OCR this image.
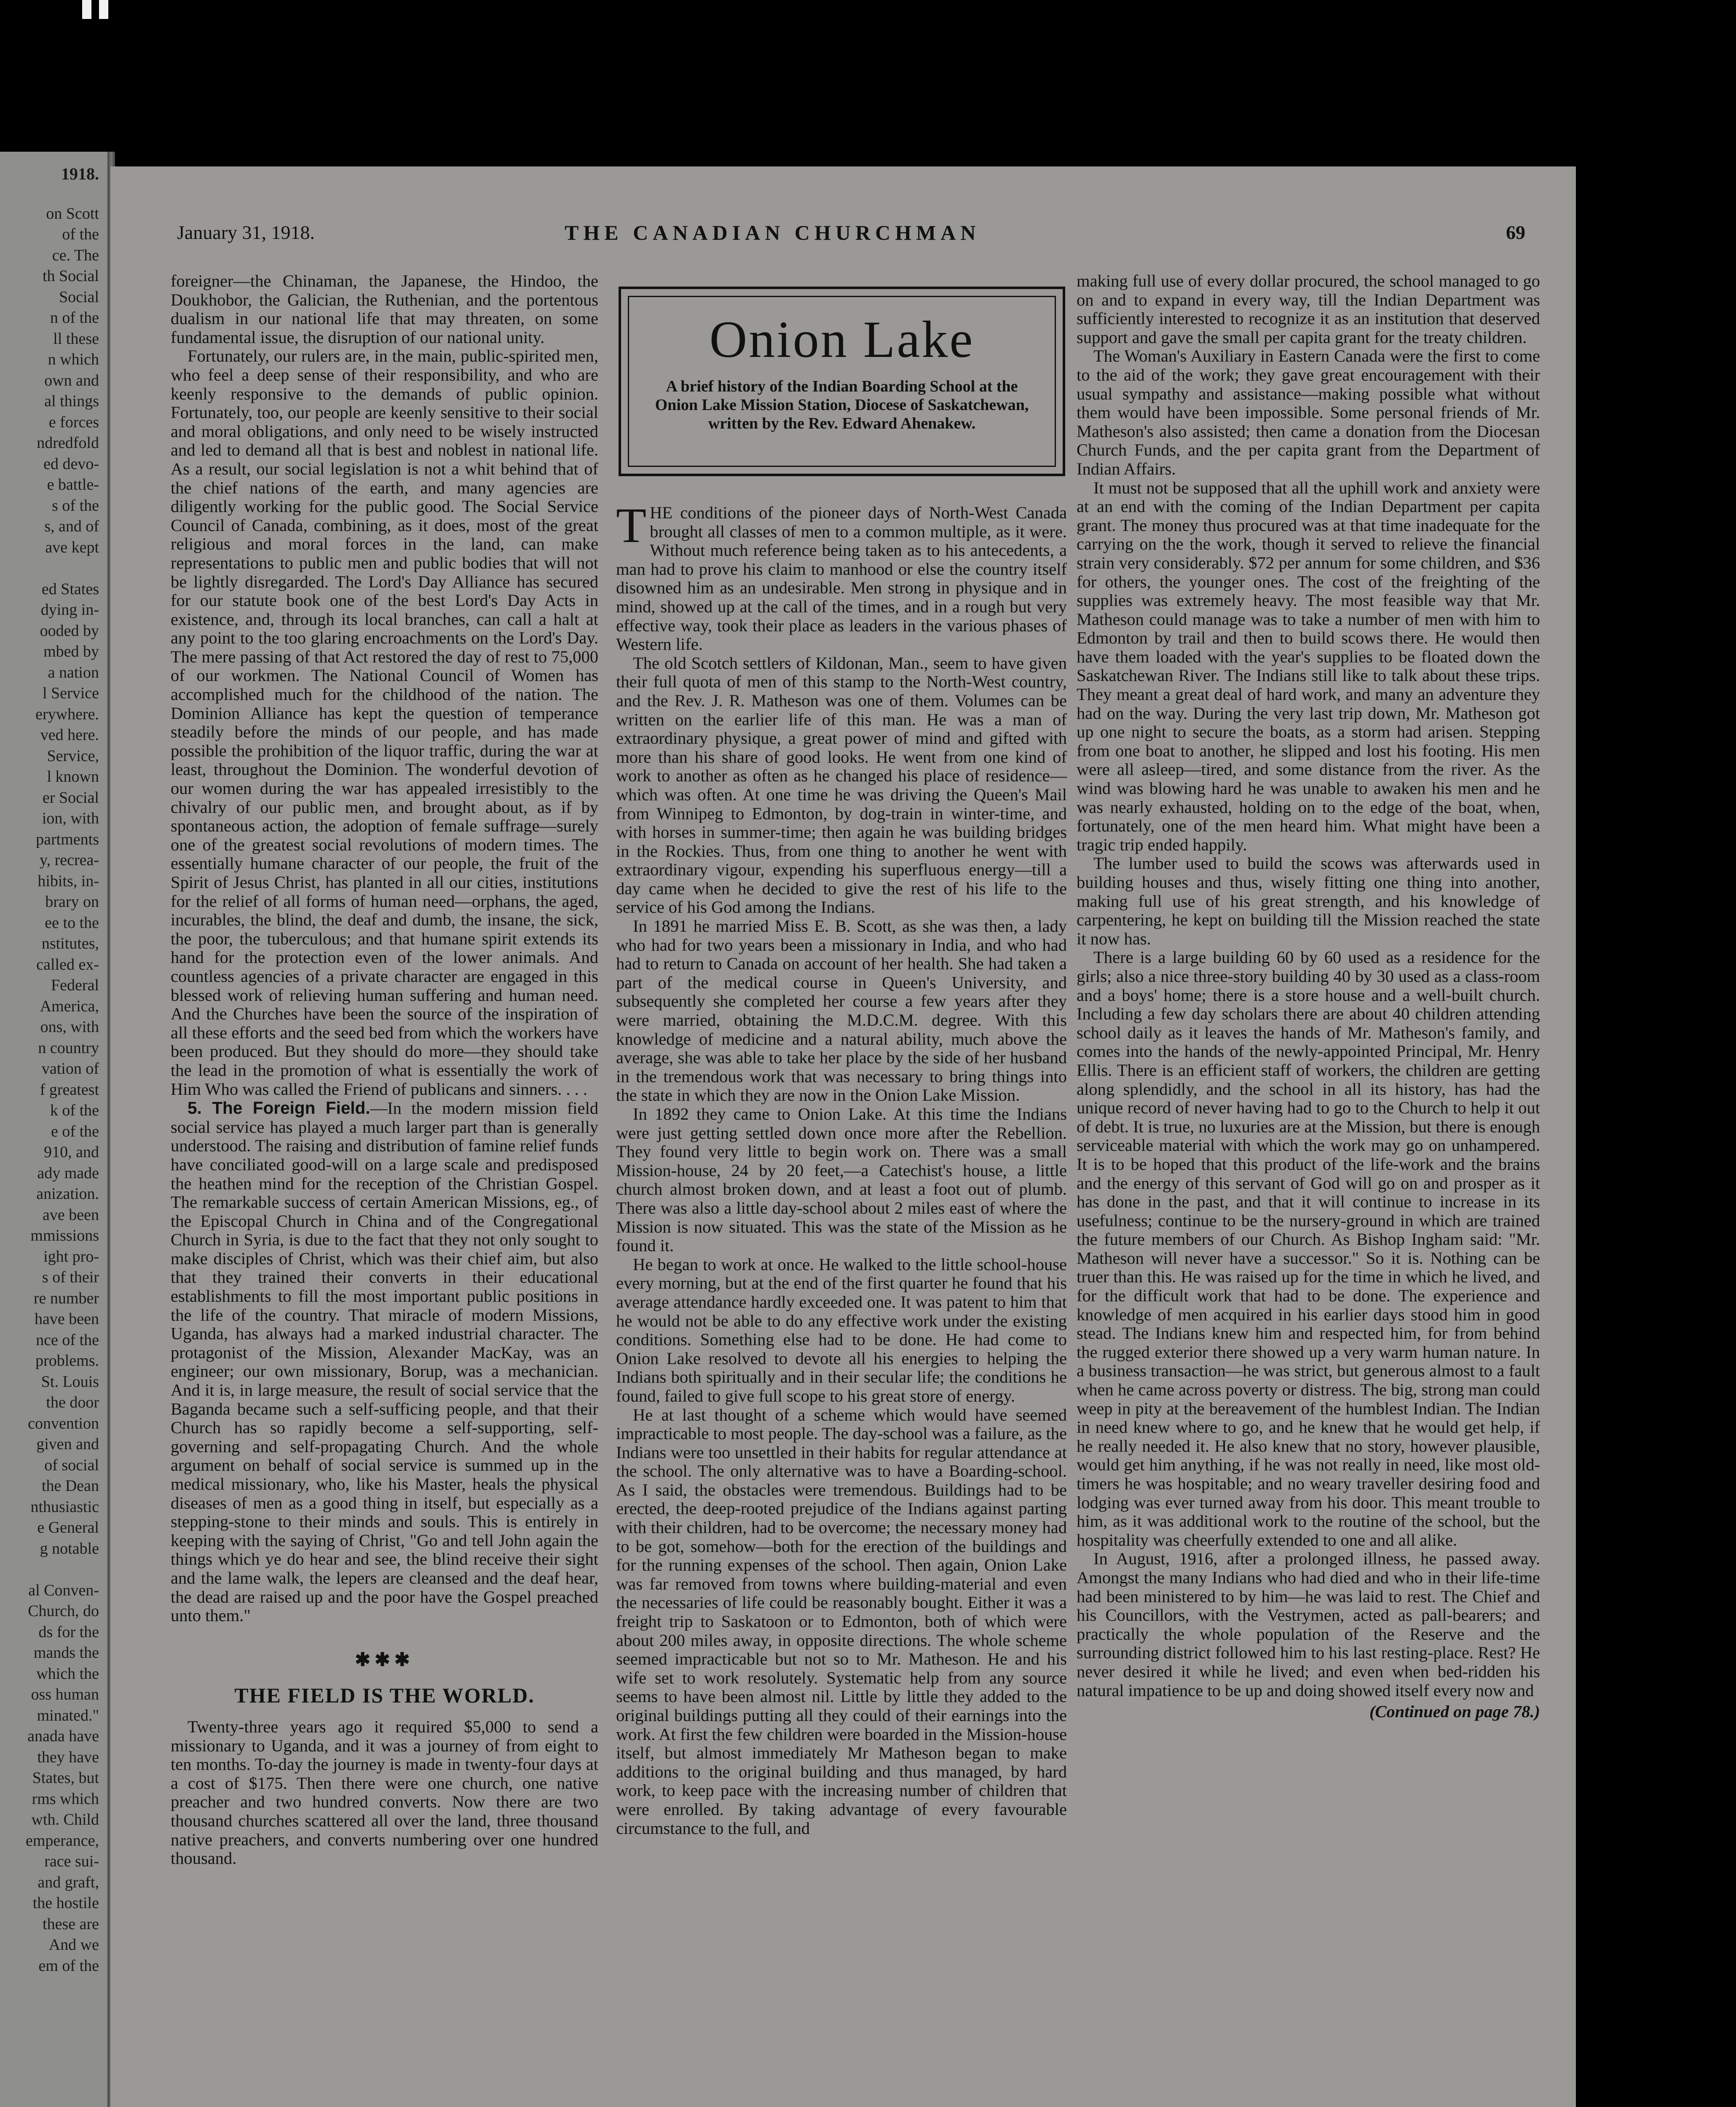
1918.
on Scott
of the
ce. The
th Social
Social
n of the
ll these
n which
own and
al things
e forces
ndredfold
ed devo-
e battle-
s of the
s, and of
ave kept

ed States
dying in-
ooded by
mbed by
a nation
l Service
erywhere.
ved here.
Service,
l known
er Social
ion, with
partments
y, recrea-
hibits, in-
brary on
ee to the
nstitutes,
called ex-
Federal
America,
ons, with
n country
vation of
f greatest
k of the
e of the
910, and
ady made
anization.
ave been
mmissions
ight pro-
s of their
re number
have been
nce of the
problems.
St. Louis
the door
convention
given and
of social
the Dean
nthusiastic
e General
g notable

al Conven-
Church, do
ds for the
mands the
which the
oss human
minated."
anada have
they have
States, but
rms which
wth. Child
emperance,
race sui-
and graft,
the hostile
these are
And we
em of the
January 31, 1918.	THE CANADIAN CHURCHMAN	69

foreigner—the Chinaman, the Japanese, the Hindoo, the Doukhobor, the Galician, the Ruthenian, and the portentous dualism in our national life that may threaten, on some fundamental issue, the disruption of our national unity.

Fortunately, our rulers are, in the main, public-spirited men, who feel a deep sense of their responsibility, and who are keenly responsive to the demands of public opinion. Fortunately, too, our people are keenly sensitive to their social and moral obligations, and only need to be wisely instructed and led to demand all that is best and noblest in national life. As a result, our social legislation is not a whit behind that of the chief nations of the earth, and many agencies are diligently working for the public good. The Social Service Council of Canada, combining, as it does, most of the great religious and moral forces in the land, can make representations to public men and public bodies that will not be lightly disregarded. The Lord's Day Alliance has secured for our statute book one of the best Lord's Day Acts in existence, and, through its local branches, can call a halt at any point to the too glaring encroachments on the Lord's Day. The mere passing of that Act restored the day of rest to 75,000 of our workmen. The National Council of Women has accomplished much for the childhood of the nation. The Dominion Alliance has kept the question of temperance steadily before the minds of our people, and has made possible the prohibition of the liquor traffic, during the war at least, throughout the Dominion. The wonderful devotion of our women during the war has appealed irresistibly to the chivalry of our public men, and brought about, as if by spontaneous action, the adoption of female suffrage—surely one of the greatest social revolutions of modern times. The essentially humane character of our people, the fruit of the Spirit of Jesus Christ, has planted in all our cities, institutions for the relief of all forms of human need—orphans, the aged, incurables, the blind, the deaf and dumb, the insane, the sick, the poor, the tuberculous; and that humane spirit extends its hand for the protection even of the lower animals. And countless agencies of a private character are engaged in this blessed work of relieving human suffering and human need. And the Churches have been the source of the inspiration of all these efforts and the seed bed from which the workers have been produced. But they should do more—they should take the lead in the promotion of what is essentially the work of Him Who was called the Friend of publicans and sinners. . . .

5. The Foreign Field.—In the modern mission field social service has played a much larger part than is generally understood. The raising and distribution of famine relief funds have conciliated good-will on a large scale and predisposed the heathen mind for the reception of the Christian Gospel. The remarkable success of certain American Missions, eg., of the Episcopal Church in China and of the Congregational Church in Syria, is due to the fact that they not only sought to make disciples of Christ, which was their chief aim, but also that they trained their converts in their educational establishments to fill the most important public positions in the life of the country. That miracle of modern Missions, Uganda, has always had a marked industrial character. The protagonist of the Mission, Alexander MacKay, was an engineer; our own missionary, Borup, was a mechanician. And it is, in large measure, the result of social service that the Baganda became such a self-sufficing people, and that their Church has so rapidly become a self-supporting, self-governing and self-propagating Church. And the whole argument on behalf of social service is summed up in the medical missionary, who, like his Master, heals the physical diseases of men as a good thing in itself, but especially as a stepping-stone to their minds and souls. This is entirely in keeping with the saying of Christ, "Go and tell John again the things which ye do hear and see, the blind receive their sight and the lame walk, the lepers are cleansed and the deaf hear, the dead are raised up and the poor have the Gospel preached unto them."

✱✱✱
THE FIELD IS THE WORLD.

Twenty-three years ago it required $5,000 to send a missionary to Uganda, and it was a journey of from eight to ten months. To-day the journey is made in twenty-four days at a cost of $175. Then there were one church, one native preacher and two hundred converts. Now there are two thousand churches scattered all over the land, three thousand native preachers, and converts numbering over one hundred thousand.

Onion Lake
A brief history of the Indian Boarding School at the Onion Lake Mission Station, Diocese of Saskatchewan, written by the Rev. Edward Ahenakew.

THE conditions of the pioneer days of North-West Canada brought all classes of men to a common multiple, as it were. Without much reference being taken as to his antecedents, a man had to prove his claim to manhood or else the country itself disowned him as an undesirable. Men strong in physique and in mind, showed up at the call of the times, and in a rough but very effective way, took their place as leaders in the various phases of Western life.

The old Scotch settlers of Kildonan, Man., seem to have given their full quota of men of this stamp to the North-West country, and the Rev. J. R. Matheson was one of them. Volumes can be written on the earlier life of this man. He was a man of extraordinary physique, a great power of mind and gifted with more than his share of good looks. He went from one kind of work to another as often as he changed his place of residence—which was often. At one time he was driving the Queen's Mail from Winnipeg to Edmonton, by dog-train in winter-time, and with horses in summer-time; then again he was building bridges in the Rockies. Thus, from one thing to another he went with extraordinary vigour, expending his superfluous energy—till a day came when he decided to give the rest of his life to the service of his God among the Indians.

In 1891 he married Miss E. B. Scott, as she was then, a lady who had for two years been a missionary in India, and who had had to return to Canada on account of her health. She had taken a part of the medical course in Queen's University, and subsequently she completed her course a few years after they were married, obtaining the M.D.C.M. degree. With this knowledge of medicine and a natural ability, much above the average, she was able to take her place by the side of her husband in the tremendous work that was necessary to bring things into the state in which they are now in the Onion Lake Mission.

In 1892 they came to Onion Lake. At this time the Indians were just getting settled down once more after the Rebellion. They found very little to begin work on. There was a small Mission-house, 24 by 20 feet,—a Catechist's house, a little church almost broken down, and at least a foot out of plumb. There was also a little day-school about 2 miles east of where the Mission is now situated. This was the state of the Mission as he found it.

He began to work at once. He walked to the little school-house every morning, but at the end of the first quarter he found that his average attendance hardly exceeded one. It was patent to him that he would not be able to do any effective work under the existing conditions. Something else had to be done. He had come to Onion Lake resolved to devote all his energies to helping the Indians both spiritually and in their secular life; the conditions he found, failed to give full scope to his great store of energy.

He at last thought of a scheme which would have seemed impracticable to most people. The day-school was a failure, as the Indians were too unsettled in their habits for regular attendance at the school. The only alternative was to have a Boarding-school. As I said, the obstacles were tremendous. Buildings had to be erected, the deep-rooted prejudice of the Indians against parting with their children, had to be overcome; the necessary money had to be got, somehow—both for the erection of the buildings and for the running expenses of the school. Then again, Onion Lake was far removed from towns where building-material and even the necessaries of life could be reasonably bought. Either it was a freight trip to Saskatoon or to Edmonton, both of which were about 200 miles away, in opposite directions. The whole scheme seemed impracticable but not so to Mr. Matheson. He and his wife set to work resolutely. Systematic help from any source seems to have been almost nil. Little by little they added to the original buildings putting all they could of their earnings into the work. At first the few children were boarded in the Mission-house itself, but almost immediately Mr Matheson began to make additions to the original building and thus managed, by hard work, to keep pace with the increasing number of children that were enrolled. By taking advantage of every favourable circumstance to the full, and

making full use of every dollar procured, the school managed to go on and to expand in every way, till the Indian Department was sufficiently interested to recognize it as an institution that deserved support and gave the small per capita grant for the treaty children.

The Woman's Auxiliary in Eastern Canada were the first to come to the aid of the work; they gave great encouragement with their usual sympathy and assistance—making possible what without them would have been impossible. Some personal friends of Mr. Matheson's also assisted; then came a donation from the Diocesan Church Funds, and the per capita grant from the Department of Indian Affairs.

It must not be supposed that all the uphill work and anxiety were at an end with the coming of the Indian Department per capita grant. The money thus procured was at that time inadequate for the carrying on the the work, though it served to relieve the financial strain very considerably. $72 per annum for some children, and $36 for others, the younger ones. The cost of the freighting of the supplies was extremely heavy. The most feasible way that Mr. Matheson could manage was to take a number of men with him to Edmonton by trail and then to build scows there. He would then have them loaded with the year's supplies to be floated down the Saskatchewan River. The Indians still like to talk about these trips. They meant a great deal of hard work, and many an adventure they had on the way. During the very last trip down, Mr. Matheson got up one night to secure the boats, as a storm had arisen. Stepping from one boat to another, he slipped and lost his footing. His men were all asleep—tired, and some distance from the river. As the wind was blowing hard he was unable to awaken his men and he was nearly exhausted, holding on to the edge of the boat, when, fortunately, one of the men heard him. What might have been a tragic trip ended happily.

The lumber used to build the scows was afterwards used in building houses and thus, wisely fitting one thing into another, making full use of his great strength, and his knowledge of carpentering, he kept on building till the Mission reached the state it now has.

There is a large building 60 by 60 used as a residence for the girls; also a nice three-story building 40 by 30 used as a class-room and a boys' home; there is a store house and a well-built church. Including a few day scholars there are about 40 children attending school daily as it leaves the hands of Mr. Matheson's family, and comes into the hands of the newly-appointed Principal, Mr. Henry Ellis. There is an efficient staff of workers, the children are getting along splendidly, and the school in all its history, has had the unique record of never having had to go to the Church to help it out of debt. It is true, no luxuries are at the Mission, but there is enough serviceable material with which the work may go on unhampered. It is to be hoped that this product of the life-work and the brains and the energy of this servant of God will go on and prosper as it has done in the past, and that it will continue to increase in its usefulness; continue to be the nursery-ground in which are trained the future members of our Church. As Bishop Ingham said: "Mr. Matheson will never have a successor." So it is. Nothing can be truer than this. He was raised up for the time in which he lived, and for the difficult work that had to be done. The experience and knowledge of men acquired in his earlier days stood him in good stead. The Indians knew him and respected him, for from behind the rugged exterior there showed up a very warm human nature. In a business transaction—he was strict, but generous almost to a fault when he came across poverty or distress. The big, strong man could weep in pity at the bereavement of the humblest Indian. The Indian in need knew where to go, and he knew that he would get help, if he really needed it. He also knew that no story, however plausible, would get him anything, if he was not really in need, like most old-timers he was hospitable; and no weary traveller desiring food and lodging was ever turned away from his door. This meant trouble to him, as it was additional work to the routine of the school, but the hospitality was cheerfully extended to one and all alike.

In August, 1916, after a prolonged illness, he passed away. Amongst the many Indians who had died and who in their life-time had been ministered to by him—he was laid to rest. The Chief and his Councillors, with the Vestrymen, acted as pall-bearers; and practically the whole population of the Reserve and the surrounding district followed him to his last resting-place. Rest? He never desired it while he lived; and even when bed-ridden his natural impatience to be up and doing showed itself every now and

(Continued on page 78.)
